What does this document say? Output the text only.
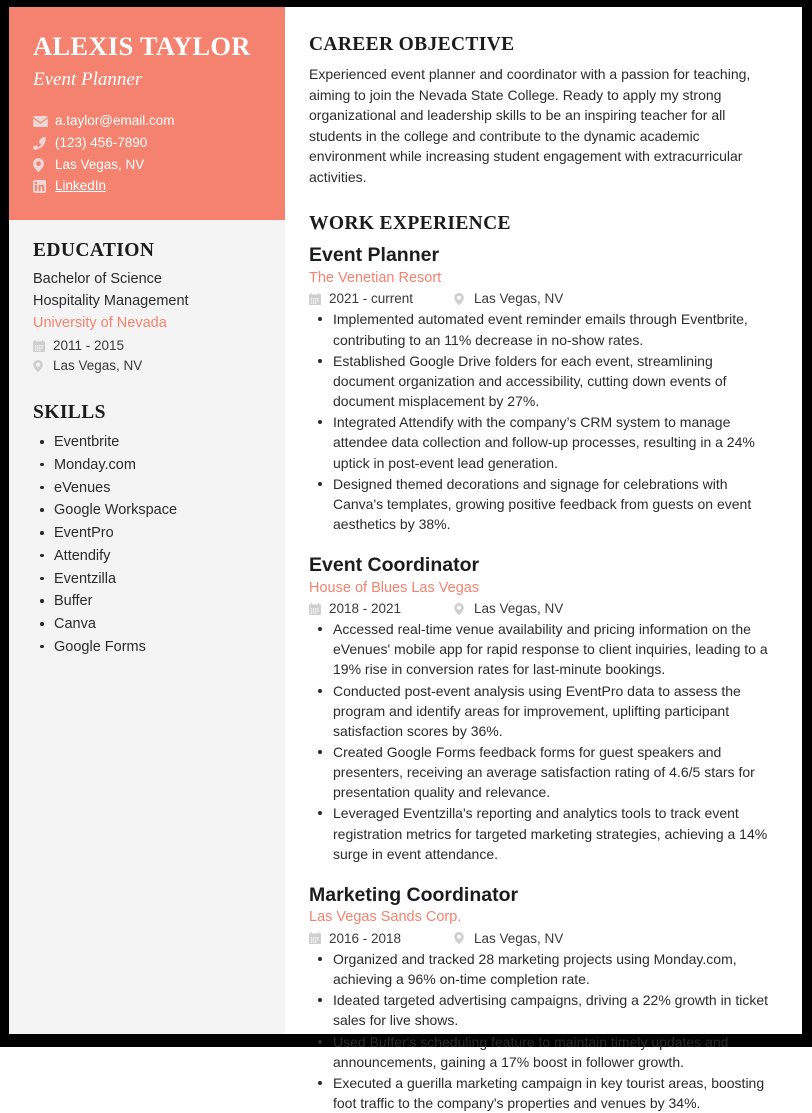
ALEXIS TAYLOR
Event Planner
a.taylor@email.com
(123) 456-7890
Las Vegas, NV
LinkedIn
EDUCATION
Bachelor of Science
Hospitality Management
University of Nevada
2011 - 2015
Las Vegas, NV
SKILLS
Eventbrite
Monday.com
eVenues
Google Workspace
EventPro
Attendify
Eventzilla
Buffer
Canva
Google Forms
CAREER OBJECTIVE

Experienced event planner and coordinator with a passion for teaching, aiming to join the Nevada State College. Ready to apply my strong organizational and leadership skills to be an inspiring teacher for all students in the college and contribute to the dynamic academic environment while increasing student engagement with extracurricular activities.

WORK EXPERIENCE
Event Planner
The Venetian Resort
2021 - current	Las Vegas, NV
Implemented automated event reminder emails through Eventbrite, contributing to an 11% decrease in no-show rates.
Established Google Drive folders for each event, streamlining document organization and accessibility, cutting down events of document misplacement by 27%.
Integrated Attendify with the company’s CRM system to manage attendee data collection and follow-up processes, resulting in a 24% uptick in post-event lead generation.
Designed themed decorations and signage for celebrations with Canva's templates, growing positive feedback from guests on event aesthetics by 38%.
Event Coordinator
House of Blues Las Vegas
2018 - 2021	Las Vegas, NV
Accessed real-time venue availability and pricing information on the eVenues' mobile app for rapid response to client inquiries, leading to a 19% rise in conversion rates for last-minute bookings.
Conducted post-event analysis using EventPro data to assess the program and identify areas for improvement, uplifting participant satisfaction scores by 36%.
Created Google Forms feedback forms for guest speakers and presenters, receiving an average satisfaction rating of 4.6/5 stars for presentation quality and relevance.
Leveraged Eventzilla's reporting and analytics tools to track event registration metrics for targeted marketing strategies, achieving a 14% surge in event attendance.
Marketing Coordinator
Las Vegas Sands Corp.
2016 - 2018	Las Vegas, NV
Organized and tracked 28 marketing projects using Monday.com, achieving a 96% on-time completion rate.
Ideated targeted advertising campaigns, driving a 22% growth in ticket sales for live shows.
Used Buffer's scheduling feature to maintain timely updates and announcements, gaining a 17% boost in follower growth.
Executed a guerilla marketing campaign in key tourist areas, boosting foot traffic to the company's properties and venues by 34%.
